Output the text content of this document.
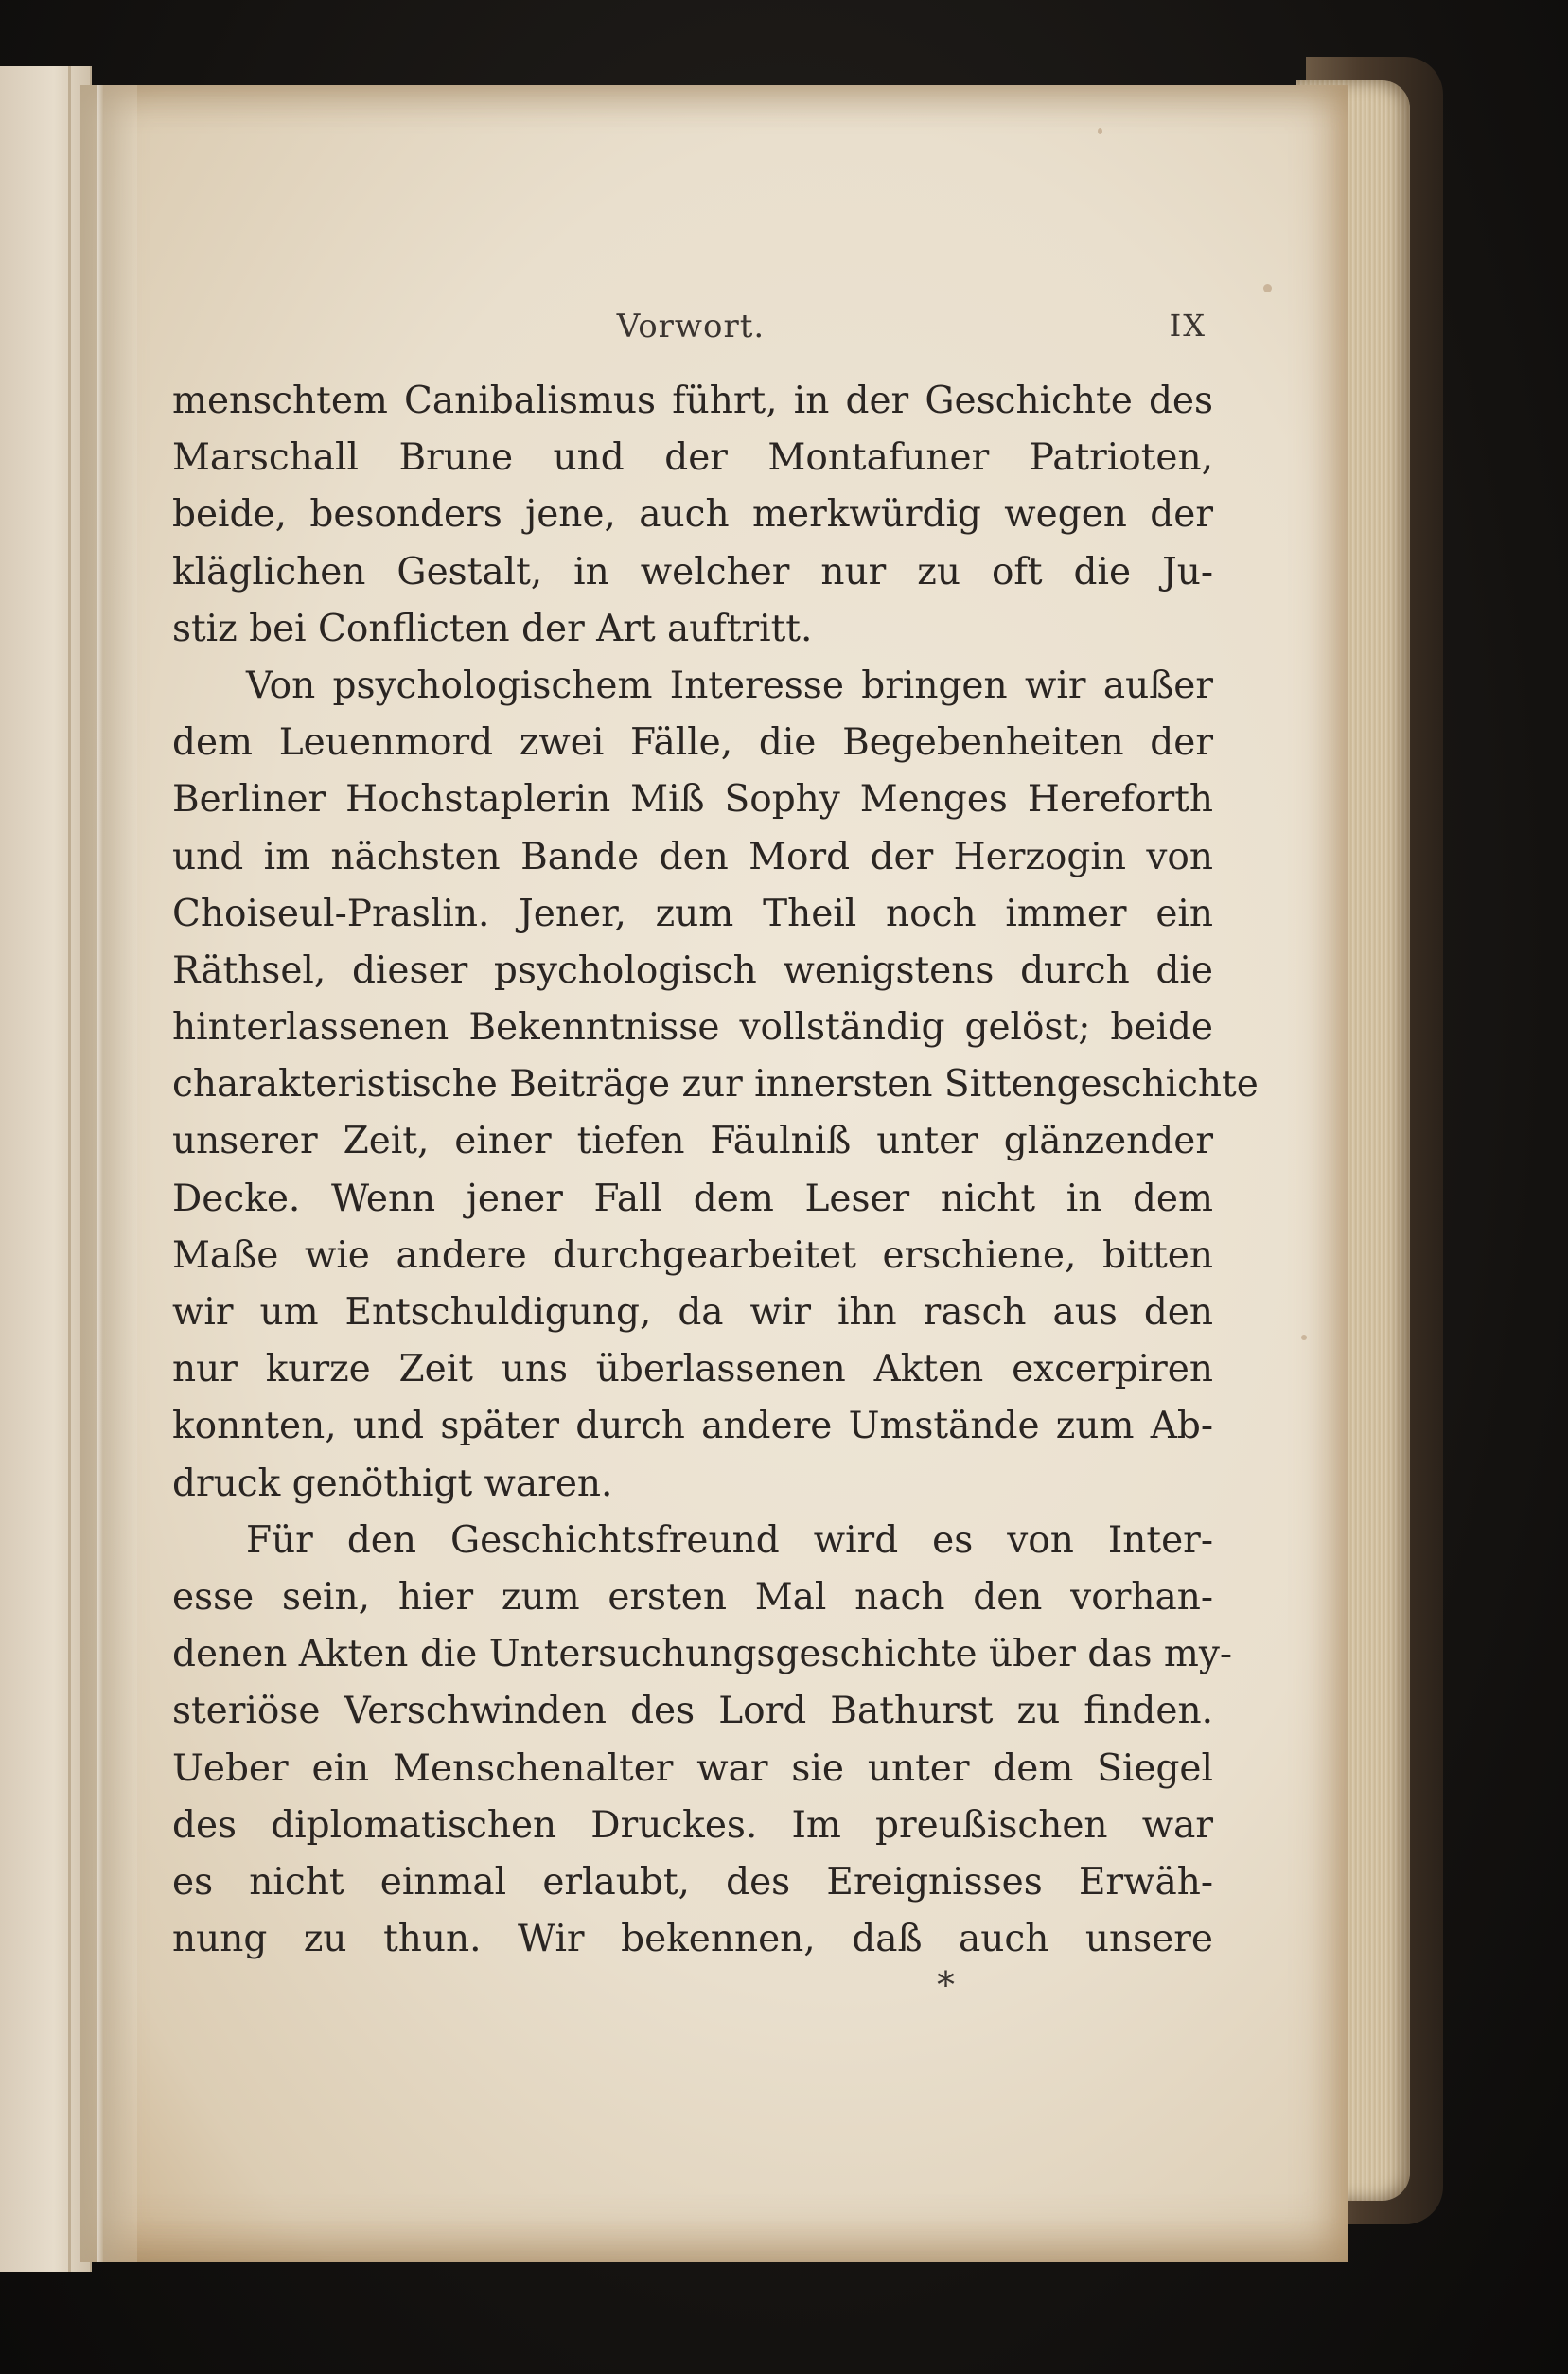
Vorwort.	IX
menschtem Canibalismus führt, in der Geschichte des
Marschall Brune und der Montafuner Patrioten,
beide, besonders jene, auch merkwürdig wegen der
kläglichen Gestalt, in welcher nur zu oft die Ju-
stiz bei Conflicten der Art auftritt.
Von psychologischem Interesse bringen wir außer
dem Leuenmord zwei Fälle, die Begebenheiten der
Berliner Hochstaplerin Miß Sophy Menges Hereforth
und im nächsten Bande den Mord der Herzogin von
Choiseul-Praslin. Jener, zum Theil noch immer ein
Räthsel, dieser psychologisch wenigstens durch die
hinterlassenen Bekenntnisse vollständig gelöst; beide
charakteristische Beiträge zur innersten Sittengeschichte
unserer Zeit, einer tiefen Fäulniß unter glänzender
Decke. Wenn jener Fall dem Leser nicht in dem
Maße wie andere durchgearbeitet erschiene, bitten
wir um Entschuldigung, da wir ihn rasch aus den
nur kurze Zeit uns überlassenen Akten excerpiren
konnten, und später durch andere Umstände zum Ab-
druck genöthigt waren.
Für den Geschichtsfreund wird es von Inter-
esse sein, hier zum ersten Mal nach den vorhan-
denen Akten die Untersuchungsgeschichte über das my-
steriöse Verschwinden des Lord Bathurst zu finden.
Ueber ein Menschenalter war sie unter dem Siegel
des diplomatischen Druckes. Im preußischen war
es nicht einmal erlaubt, des Ereignisses Erwäh-
nung zu thun. Wir bekennen, daß auch unsere
*
